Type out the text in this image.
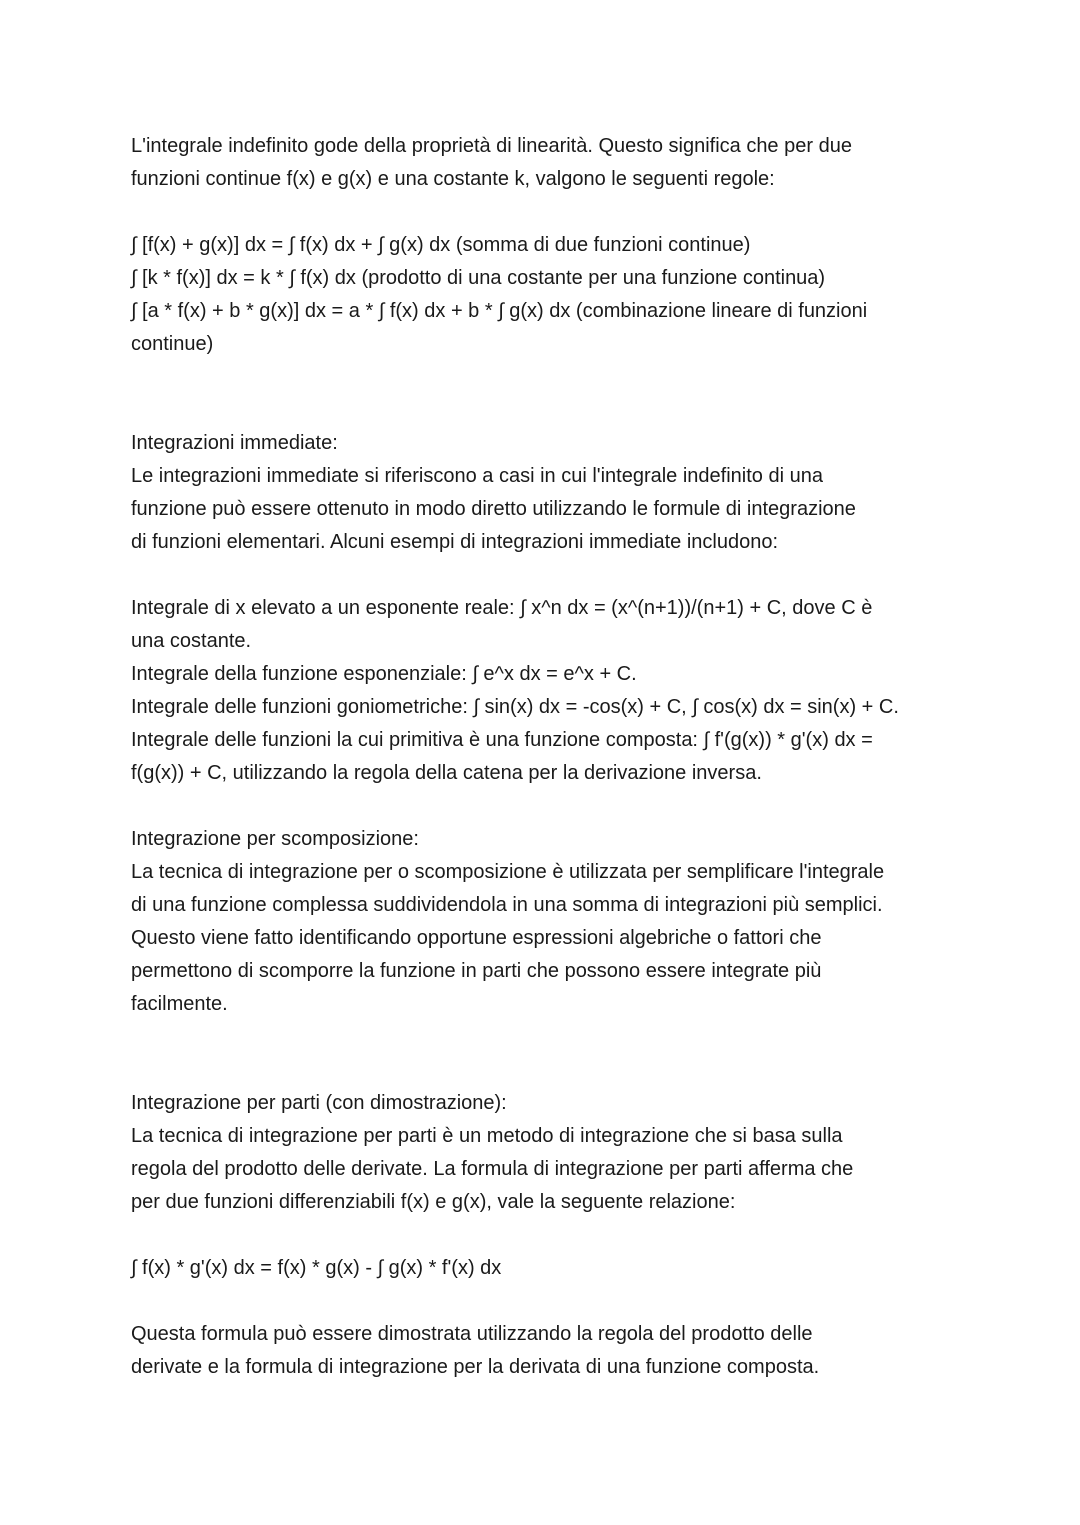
L'integrale indefinito gode della proprietà di linearità. Questo significa che per due
funzioni continue f(x) e g(x) e una costante k, valgono le seguenti regole:

∫ [f(x) + g(x)] dx = ∫ f(x) dx + ∫ g(x) dx (somma di due funzioni continue)
∫ [k * f(x)] dx = k * ∫ f(x) dx (prodotto di una costante per una funzione continua)
∫ [a * f(x) + b * g(x)] dx = a * ∫ f(x) dx + b * ∫ g(x) dx (combinazione lineare di funzioni
continue)

Integrazioni immediate:
Le integrazioni immediate si riferiscono a casi in cui l'integrale indefinito di una
funzione può essere ottenuto in modo diretto utilizzando le formule di integrazione
di funzioni elementari. Alcuni esempi di integrazioni immediate includono:

Integrale di x elevato a un esponente reale: ∫ x^n dx = (x^(n+1))/(n+1) + C, dove C è
una costante.
Integrale della funzione esponenziale: ∫ e^x dx = e^x + C.
Integrale delle funzioni goniometriche: ∫ sin(x) dx = -cos(x) + C, ∫ cos(x) dx = sin(x) + C.
Integrale delle funzioni la cui primitiva è una funzione composta: ∫ f'(g(x)) * g'(x) dx =
f(g(x)) + C, utilizzando la regola della catena per la derivazione inversa.

Integrazione per scomposizione:
La tecnica di integrazione per o scomposizione è utilizzata per semplificare l'integrale
di una funzione complessa suddividendola in una somma di integrazioni più semplici.
Questo viene fatto identificando opportune espressioni algebriche o fattori che
permettono di scomporre la funzione in parti che possono essere integrate più
facilmente.

Integrazione per parti (con dimostrazione):
La tecnica di integrazione per parti è un metodo di integrazione che si basa sulla
regola del prodotto delle derivate. La formula di integrazione per parti afferma che
per due funzioni differenziabili f(x) e g(x), vale la seguente relazione:

∫ f(x) * g'(x) dx = f(x) * g(x) - ∫ g(x) * f'(x) dx

Questa formula può essere dimostrata utilizzando la regola del prodotto delle
derivate e la formula di integrazione per la derivata di una funzione composta.
